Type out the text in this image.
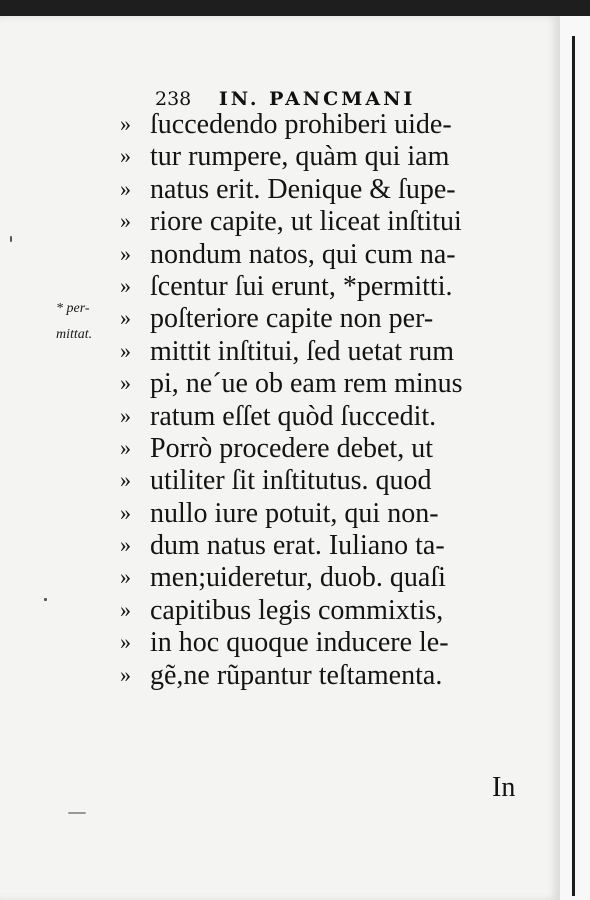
238 IN. PANCMANI
* per-
mittat.
» ſuccedendo prohiberi uide-
» tur rumpere, quàm qui iam
» natus erit. Denique & ſupe-
» riore capite, ut liceat inſtitui
» nondum natos, qui cum na-
» ſcentur ſui erunt, *permitti.
» poſteriore capite non per-
» mittit inſtitui, ſed uetat rum
» pi, ne´ue ob eam rem minus
» ratum eſſet quòd ſuccedit.
» Porrò procedere debet, ut
» utiliter ſit inſtitutus. quod
» nullo iure potuit, qui non-
» dum natus erat. Iuliano ta-
» men;uideretur, duob. quaſi
» capitibus legis commixtis,
» in hoc quoque inducere le-
» gẽ,ne rũpantur teſtamenta.
In
